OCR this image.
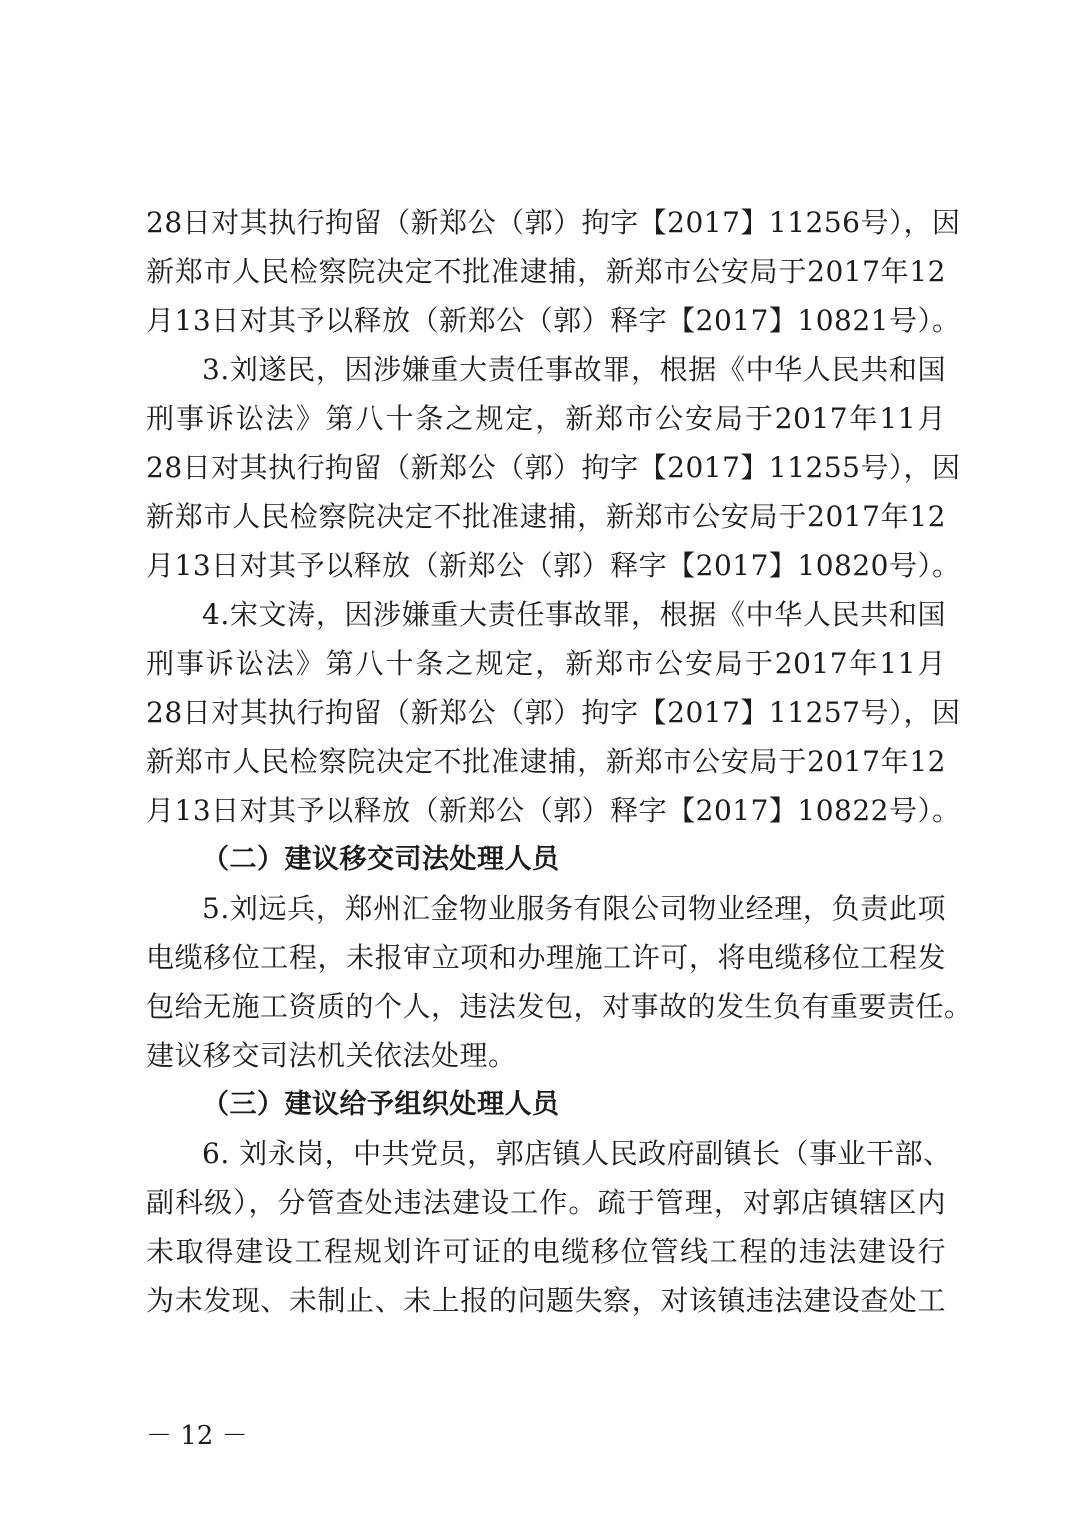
28日对其执行拘留（新郑公（郭）拘字【2017】11256号），因
新郑市人民检察院决定不批准逮捕，新郑市公安局于2017年12
月13日对其予以释放（新郑公（郭）释字【2017】10821号）。
3.刘遂民，因涉嫌重大责任事故罪，根据《中华人民共和国
刑事诉讼法》第八十条之规定，新郑市公安局于2017年11月
28日对其执行拘留（新郑公（郭）拘字【2017】11255号），因
新郑市人民检察院决定不批准逮捕，新郑市公安局于2017年12
月13日对其予以释放（新郑公（郭）释字【2017】10820号）。
4.宋文涛，因涉嫌重大责任事故罪，根据《中华人民共和国
刑事诉讼法》第八十条之规定，新郑市公安局于2017年11月
28日对其执行拘留（新郑公（郭）拘字【2017】11257号），因
新郑市人民检察院决定不批准逮捕，新郑市公安局于2017年12
月13日对其予以释放（新郑公（郭）释字【2017】10822号）。
（二）建议移交司法处理人员
5.刘远兵，郑州汇金物业服务有限公司物业经理，负责此项
电缆移位工程，未报审立项和办理施工许可，将电缆移位工程发
包给无施工资质的个人，违法发包，对事故的发生负有重要责任。
建议移交司法机关依法处理。
（三）建议给予组织处理人员
6. 刘永岗，中共党员，郭店镇人民政府副镇长（事业干部、
副科级），分管查处违法建设工作。疏于管理，对郭店镇辖区内
未取得建设工程规划许可证的电缆移位管线工程的违法建设行
为未发现、未制止、未上报的问题失察，对该镇违法建设查处工
－ 12 －
